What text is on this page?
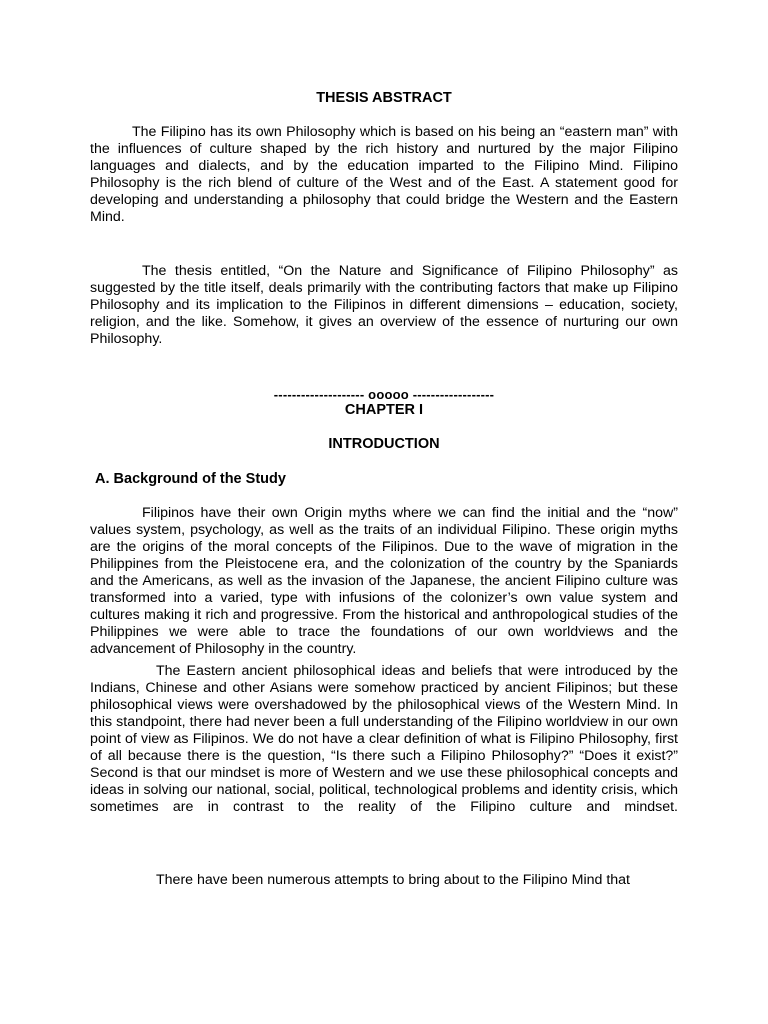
THESIS ABSTRACT

The Filipino has its own Philosophy which is based on his being an “eastern man” with the influences of culture shaped by the rich history and nurtured by the major Filipino languages and dialects, and by the education imparted to the Filipino Mind. Filipino Philosophy is the rich blend of culture of the West and of the East. A statement good for developing and understanding a philosophy that could bridge the Western and the Eastern Mind.

The thesis entitled, “On the Nature and Significance of Filipino Philosophy” as suggested by the title itself, deals primarily with the contributing factors that make up Filipino Philosophy and its implication to the Filipinos in different dimensions – education, society, religion, and the like. Somehow, it gives an overview of the essence of nurturing our own Philosophy.

-------------------- ooooo ------------------
CHAPTER I
INTRODUCTION
A. Background of the Study

Filipinos have their own Origin myths where we can find the initial and the “now” values system, psychology, as well as the traits of an individual Filipino. These origin myths are the origins of the moral concepts of the Filipinos. Due to the wave of migration in the Philippines from the Pleistocene era, and the colonization of the country by the Spaniards and the Americans, as well as the invasion of the Japanese, the ancient Filipino culture was transformed into a varied, type with infusions of the colonizer’s own value system and cultures making it rich and progressive. From the historical and anthropological studies of the Philippines we were able to trace the foundations of our own worldviews and the advancement of Philosophy in the country.

The Eastern ancient philosophical ideas and beliefs that were introduced by the Indians, Chinese and other Asians were somehow practiced by ancient Filipinos; but these philosophical views were overshadowed by the philosophical views of the Western Mind. In this standpoint, there had never been a full understanding of the Filipino worldview in our own point of view as Filipinos. We do not have a clear definition of what is Filipino Philosophy, first of all because there is the question, “Is there such a Filipino Philosophy?” “Does it exist?” Second is that our mindset is more of Western and we use these philosophical concepts and ideas in solving our national, social, political, technological problems and identity crisis, which sometimes are in contrast to the reality of the Filipino culture and mindset.

There have been numerous attempts to bring about to the Filipino Mind that
